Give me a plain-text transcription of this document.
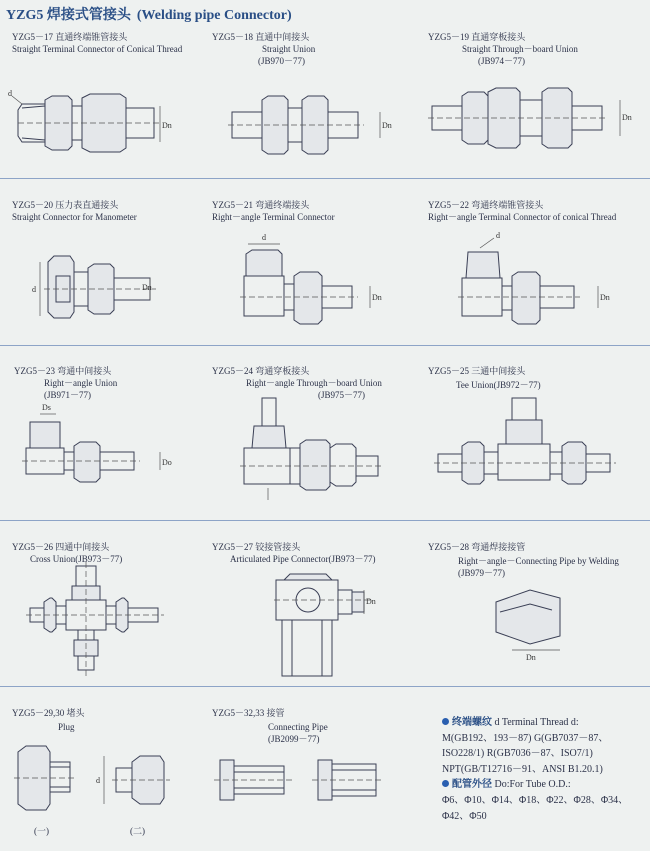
YZG5 焊接式管接头 (Welding pipe Connector)
YZG5－17 直通终端锥管接头
Straight Terminal Connector of Conical Thread
Dn
d
YZG5－18 直通中间接头
Straight Union
(JB970－77)
Dn
YZG5－19 直通穿板接头
Straight Through－board Union
(JB974－77)
Dn
YZG5－20 压力表直通接头
Straight Connector for Manometer
d	Dn
YZG5－21 弯通终端接头
Right－angle Terminal Connector
d
Dn
YZG5－22 弯通终端锥管接头
Right－angle Terminal Connector of conical Thread
d
Dn
YZG5－23 弯通中间接头
Right－angle Union
(JB971－77)
Ds
Do
YZG5－24 弯通穿板接头
Right－angle Through－board Union
(JB975－77)
YZG5－25 三通中间接头
Tee Union(JB972－77)
YZG5－26 四通中间接头
Cross Union(JB973－77)
YZG5－27 铰接管接头
Articulated Pipe Connector(JB973－77)
Dn
YZG5－28 弯通焊接接管
Right－angle－Connecting Pipe by Welding
(JB979－77)
Dn
YZG5－29,30 堵头
Plug
d
(一)	(二)
YZG5－32,33 接管
Connecting Pipe
(JB2099－77)
终端螺纹 d Terminal Thread d:
M(GB192、193－87) G(GB7037－87、
ISO228/1) R(GB7036－87、ISO7/1)
NPT(GB/T12716－91、ANSI B1.20.1)
配管外径 Do:For Tube O.D.:
Φ6、Φ10、Φ14、Φ18、Φ22、Φ28、Φ34、
Φ42、Φ50
